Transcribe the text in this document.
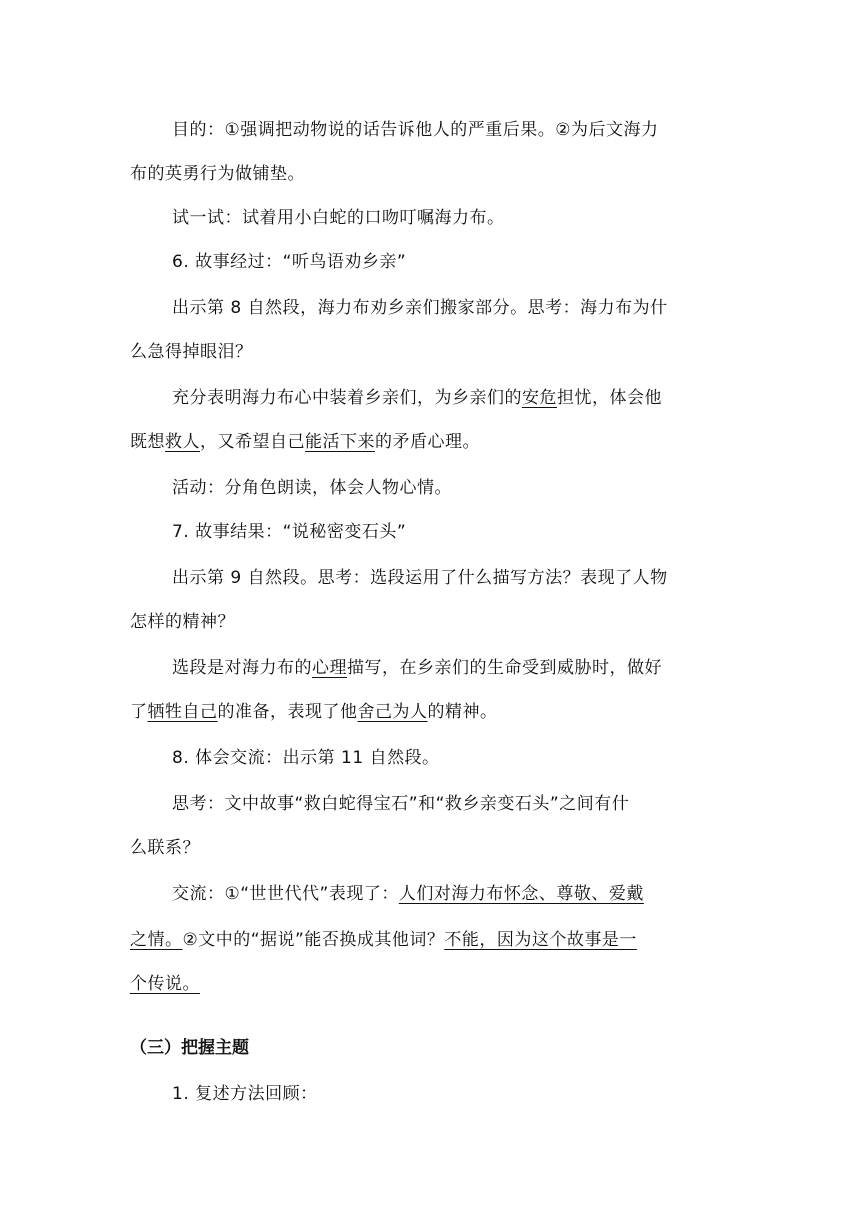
目的：①强调把动物说的话告诉他人的严重后果。②为后文海力
布的英勇行为做铺垫。
试一试：试着用小白蛇的口吻叮嘱海力布。
6. 故事经过：“听鸟语劝乡亲”
出示第 8 自然段，海力布劝乡亲们搬家部分。思考：海力布为什
么急得掉眼泪？
充分表明海力布心中装着乡亲们，为乡亲们的安危担忧，体会他
既想救人，又希望自己能活下来的矛盾心理。
活动：分角色朗读，体会人物心情。
7. 故事结果：“说秘密变石头”
出示第 9 自然段。思考：选段运用了什么描写方法？表现了人物
怎样的精神？
选段是对海力布的心理描写，在乡亲们的生命受到威胁时，做好
了牺牲自己的准备，表现了他舍己为人的精神。
8. 体会交流：出示第 11 自然段。
思考：文中故事“救白蛇得宝石”和“救乡亲变石头”之间有什
么联系？
交流：①“世世代代”表现了：人们对海力布怀念、尊敬、爱戴
之情。②文中的“据说”能否换成其他词？不能，因为这个故事是一
个传说。
（三）把握主题
1. 复述方法回顾：
